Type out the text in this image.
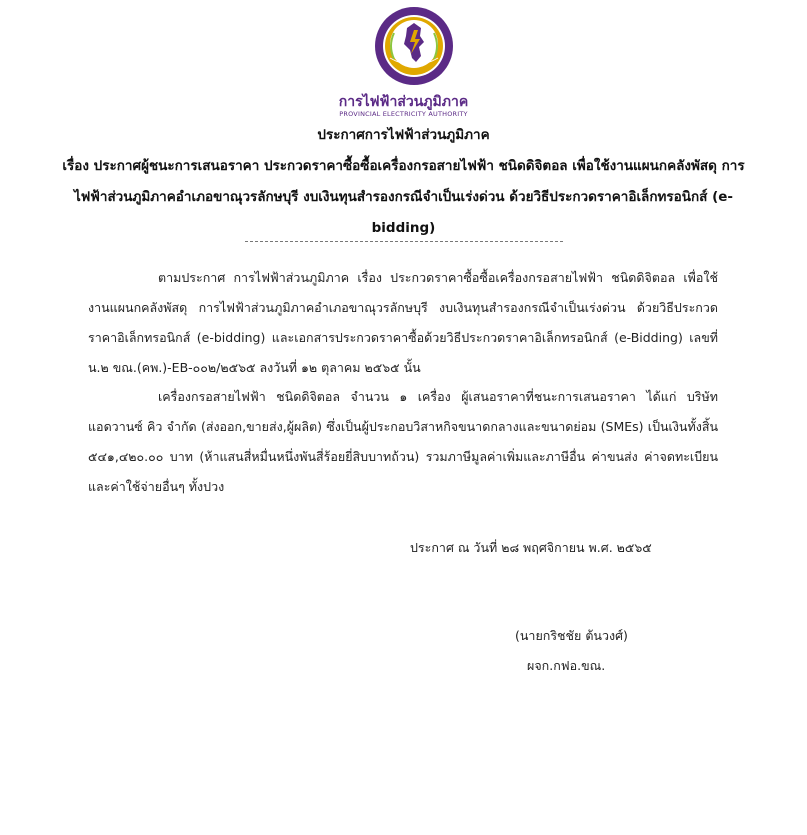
การไฟฟ้าส่วนภูมิภาค
PROVINCIAL ELECTRICITY AUTHORITY
ประกาศการไฟฟ้าส่วนภูมิภาค
เรื่อง ประกาศผู้ชนะการเสนอราคา ประกวดราคาซื้อซื้อเครื่องกรอสายไฟฟ้า ชนิดดิจิตอล เพื่อใช้งานแผนกคลังพัสดุ การไฟฟ้าส่วนภูมิภาคอำเภอขาณุวรลักษบุรี งบเงินทุนสำรองกรณีจำเป็นเร่งด่วน ด้วยวิธีประกวดราคาอิเล็กทรอนิกส์ (e-bidding)
ตามประกาศ การไฟฟ้าส่วนภูมิภาค เรื่อง ประกวดราคาซื้อซื้อเครื่องกรอสายไฟฟ้า ชนิดดิจิตอล เพื่อใช้งานแผนกคลังพัสดุ การไฟฟ้าส่วนภูมิภาคอำเภอขาณุวรลักษบุรี งบเงินทุนสำรองกรณีจำเป็นเร่งด่วน ด้วยวิธีประกวดราคาอิเล็กทรอนิกส์ (e-bidding) และเอกสารประกวดราคาซื้อด้วยวิธีประกวดราคาอิเล็กทรอนิกส์ (e-Bidding) เลขที่ น.๒ ขณ.(คพ.)-EB-๐๐๒/๒๕๖๕ ลงวันที่ ๑๒ ตุลาคม ๒๕๖๕ นั้น
เครื่องกรอสายไฟฟ้า ชนิดดิจิตอล จำนวน ๑ เครื่อง ผู้เสนอราคาที่ชนะการเสนอราคา ได้แก่ บริษัท แอดวานซ์ คิว จำกัด (ส่งออก,ขายส่ง,ผู้ผลิต) ซึ่งเป็นผู้ประกอบวิสาหกิจขนาดกลางและขนาดย่อม (SMEs) เป็นเงินทั้งสิ้น ๕๔๑,๔๒๐.๐๐ บาท (ห้าแสนสี่หมื่นหนึ่งพันสี่ร้อยยี่สิบบาทถ้วน) รวมภาษีมูลค่าเพิ่มและภาษีอื่น ค่าขนส่ง ค่าจดทะเบียน และค่าใช้จ่ายอื่นๆ ทั้งปวง
ประกาศ ณ วันที่ ๒๘ พฤศจิกายน พ.ศ. ๒๕๖๕
(นายกริชชัย ต้นวงศ์)
ผจก.กฟอ.ขณ.
